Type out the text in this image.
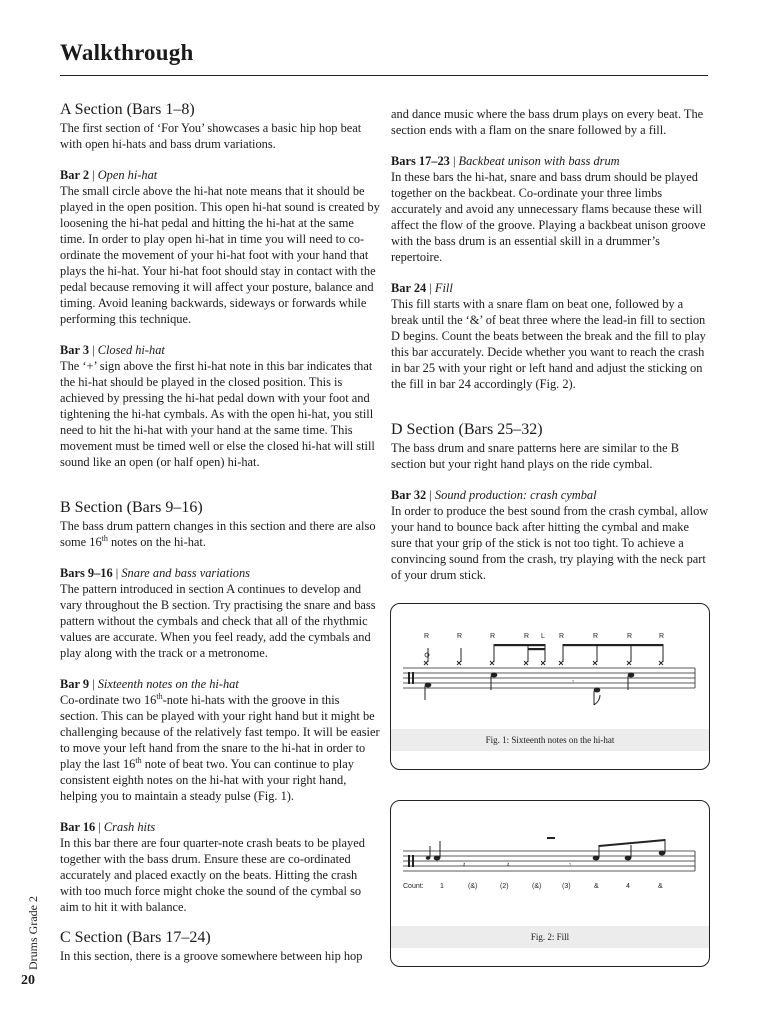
Walkthrough
A Section (Bars 1–8)

The first section of ‘For You’ showcases a basic hip hop beat with open hi-hats and bass drum variations.

Bar 2 | Open hi-hat

The small circle above the hi-hat note means that it should be played in the open position. This open hi-hat sound is created by loosening the hi-hat pedal and hitting the hi-hat at the same time. In order to play open hi-hat in time you will need to co-ordinate the movement of your hi-hat foot with your hand that plays the hi-hat. Your hi-hat foot should stay in contact with the pedal because removing it will affect your posture, balance and timing. Avoid leaning backwards, sideways or forwards while performing this technique.

Bar 3 | Closed hi-hat

The ‘+’ sign above the first hi-hat note in this bar indicates that the hi-hat should be played in the closed position. This is achieved by pressing the hi-hat pedal down with your foot and tightening the hi-hat cymbals. As with the open hi-hat, you still need to hit the hi-hat with your hand at the same time. This movement must be timed well or else the closed hi-hat will still sound like an open (or half open) hi-hat.

B Section (Bars 9–16)

The bass drum pattern changes in this section and there are also some 16th notes on the hi-hat.

Bars 9–16 | Snare and bass variations

The pattern introduced in section A continues to develop and vary throughout the B section. Try practising the snare and bass pattern without the cymbals and check that all of the rhythmic values are accurate. When you feel ready, add the cymbals and play along with the track or a metronome.

Bar 9 | Sixteenth notes on the hi-hat

Co-ordinate two 16th-note hi-hats with the groove in this section. This can be played with your right hand but it might be challenging because of the relatively fast tempo. It will be easier to move your left hand from the snare to the hi-hat in order to play the last 16th note of beat two. You can continue to play consistent eighth notes on the hi-hat with your right hand, helping you to maintain a steady pulse (Fig. 1).

Bar 16 | Crash hits

In this bar there are four quarter-note crash beats to be played together with the bass drum. Ensure these are co-ordinated accurately and placed exactly on the beats. Hitting the crash with too much force might choke the sound of the cymbal so aim to hit it with balance.

C Section (Bars 17–24)

In this section, there is a groove somewhere between hip hop

and dance music where the bass drum plays on every beat. The section ends with a flam on the snare followed by a fill.

Bars 17–23 | Backbeat unison with bass drum

In these bars the hi-hat, snare and bass drum should be played together on the backbeat. Co-ordinate your three limbs accurately and avoid any unnecessary flams because these will affect the flow of the groove. Playing a backbeat unison groove with the bass drum is an essential skill in a drummer’s repertoire.

Bar 24 | Fill

This fill starts with a snare flam on beat one, followed by a break until the ‘&’ of beat three where the lead-in fill to section D begins. Count the beats between the break and the fill to play this bar accurately. Decide whether you want to reach the crash in bar 25 with your right or left hand and adjust the sticking on the fill in bar 24 accordingly (Fig. 2).

D Section (Bars 25–32)

The bass drum and snare patterns here are similar to the B section but your right hand plays on the ride cymbal.

Bar 32 | Sound production: crash cymbal

In order to produce the best sound from the crash cymbal, allow your hand to bounce back after hitting the cymbal and make sure that your grip of the stick is not too tight. To achieve a convincing sound from the crash, try playing with the neck part of your drum stick.

R	R	R	R L R	R	R	R
𝄾
Fig. 1: Sixteenth notes on the hi-hat
𝄽	𝄽	𝄾
Count: 1	(&)	(2)	(&)	(3)	&	4	&
Fig. 2: Fill
Drums Grade 2
20
